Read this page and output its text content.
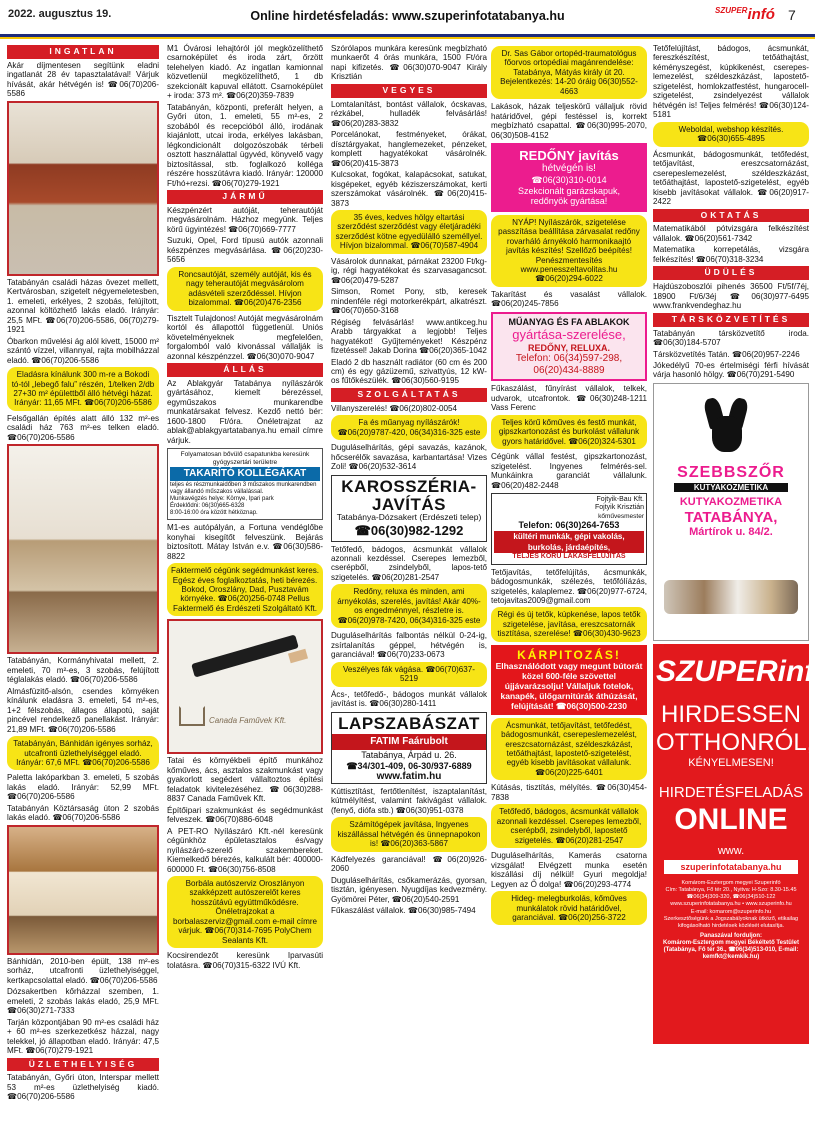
2022. augusztus 19.	Online hirdetésfeladás: www.szuperinfotatabanya.hu	SZUPERinfó 7
INGATLAN
Akár díjmentesen segítünk eladni ingatlanát 28 év tapasztalatával! Várjuk hívását, akár hétvégén is! ☎06(70)206-5586
Tatabányán családi házas övezet mellett, Kertvárosban, szigetelt négyemeletesben, 1. emeleti, erkélyes, 2 szobás, felújított, azonnal költözhető lakás eladó. Irányár: 25,5 MFt. ☎06(70)206-5586, 06(70)279-1921
Óbarkon művelési ág alól kivett, 15000 m² szántó vízzel, villannyal, rajta mobilházzal eladó. ☎06(70)206-5586
Eladásra kínálunk 300 m-re a Bokodi tó-tól „lebegő falu” részén, 1/telken 2/db 27+30 m² épülettből álló hétvégi házat. Irányár: 11,65 MFt. ☎06(70)206-5586
Felsőgallán építés alatt álló 132 m²-es családi ház 763 m²-es telken eladó. ☎06(70)206-5586
Tatabányán, Kormányhivatal mellett, 2. emeleti, 70 m²-es, 3 szobás, felújított téglalakás eladó. ☎06(70)206-5586
Almásfüzitő-alsón, csendes környéken kínálunk eladásra 3. emeleti, 54 m²-es, 1+2 félszobás, állagos állapotú, saját pincével rendelkező panellakást. Irányár: 21,89 MFt. ☎06(70)206-5586
Tatabányán, Bánhidán igényes sorház, utcafronti üzlethelyiséggel eladó. Irányár: 67,6 MFt. ☎06(70)206-5586
Paletta lakóparkban 3. emeleti, 5 szobás lakás eladó. Irányár: 52,99 MFt. ☎06(70)206-5586
Tatabányán Köztársaság úton 2 szobás lakás eladó. ☎06(70)206-5586
Bánhidán, 2010-ben épült, 138 m²-es sorház, utcafronti üzlethelyiséggel, kertkapcsolattal eladó. ☎06(70)206-5586
Dózsakertben kőrházzal szemben, 1. emeleti, 2 szobás lakás eladó, 25,9 MFt. ☎06(30)271-7333
Tarján központjában 90 m²-es családi ház + 60 m²-es szerkezetkész házzal, nagy telekkel, jó állapotban eladó. Irányár: 47,5 MFt. ☎06(70)279-1921
ÜZLETHELYISÉG
Tatabányán, Győri úton, Interspar mellett 53 m²-es üzlethelyiség kiadó. ☎06(70)206-5586
M1 Óvárosi lehajtóról jól megközelíthető csarnoképület és iroda zárt, őrzött telehelyen kiadó. Az ingatlan kamionnal közvetlenül megközelíthető, 1 db szekcionált kapuval ellátott. Csarnoképület + iroda: 373 m². ☎06(20)359-7839
Tatabányán, központi, preferált helyen, a Győri úton, 1. emeleti, 55 m²-es, 2 szobából és recepcióból álló, irodának kiajánlott, utcai iroda, erkélyes lakásban, légkondicionált dolgozószobák térbeli osztott használattal ügyvéd, könyvelő vagy biztosítással, stb. foglalkozó kolléga részére hosszútávra kiadó. Irányár: 120000 Ft/hó+rezsi. ☎06(70)279-1921
JÁRMŰ
Készpénzért autóját, teherautóját megvásárolnám. Házhoz megyünk. Teljes körű ügyintézés! ☎06(70)669-7777
Suzuki, Opel, Ford típusú autók azonnali készpénzes megvásárlása. ☎06(20)230-5656
Roncsautóját, személy autóját, kis és nagy teherautóját megvásárolom adásvételi szerződéssel. Hívjon bizalommal. ☎06(20)476-2356
Tisztelt Tulajdonos! Autóját megvásárolnám kortól és állapottól függetlenül. Uniós követelményeknek megfelelően, forgalomból való kivonással vállalják is azonnal készpénzzel. ☎06(30)070-9047
ÁLLÁS
Az Ablakgyár Tatabánya nyílászárók gyártásához, kiemelt bérezéssel, egyműszakos munkarendbe munkatársakat felvesz. Kezdő nettó bér: 1600-1800 Ft/óra. Önéletrajzat az ablak@ablakgyartatabanya.hu email címre várjuk.
Folyamatosan bővülő csapatunkba keresünk gyógyszertári területre
TAKARÍTÓ KOLLÉGÁKAT
teljes és részmunkaidőben 3 műszakos munkarendben vagy állandó műszakos vállalással.
Munkavégzés helye: Környe, Ipari park
Érdeklődni: 06(30)665-6328
8:00-16:00 óra között hétköznap.
M1-es autópályán, a Fortuna vendéglőbe konyhai kisegítőt felveszünk. Bejárás biztosított. Mátay István e.v. ☎06(30)586-8822
Faktermelő cégünk segédmunkást keres. Egész éves foglalkoztatás, heti bérezés. Bokod, Oroszlány, Dad, Pusztavám környéke. ☎06(20)256-0748 Pellus Faktermelő és Erdészeti Szolgáltató Kft.
Canada Faművek Kft.
Tatai és környékbeli építő munkához kőműves, ács, asztalos szakmunkást vagy gyakorlott segédert vállaltoztos építési feladatok kivitelezéséhez. ☎06(30)288-8837 Canada Faművek Kft.
Építőipari szakmunkást és segédmunkást felveszek. ☎06(70)886-6048
A PET-RO Nyílászáró Kft.-nél keresünk cégünkhöz épületasztalos és/vagy nyílászáró-szerelő szakembereket. Kiemelkedő bérezés, kalkulált bér: 400000-600000 Ft. ☎06(30)756-8508
Borbála autószerviz Oroszlányon szakképzett autószerelőt keres hosszútávú együttműködésre. Önéletrajzokat a borbalaszerviz@gmail.com e-mail címre várjuk. ☎06(70)314-7695 PolyChem Sealants Kft.
Kocsirendezőt keresünk Iparvasúti tolatásra. ☎06(70)315-6322 IVÚ Kft.
Szórólapos munkára keresünk megbízható munkaerőt 4 órás munkára, 1500 Ft/óra napi kifizetés. ☎06(30)070-9047 Király Krisztián
VEGYES
Lomtalanítást, bontást vállalok, ócskavas, rézkábel, hulladék felvásárlás! ☎06(20)283-3832
Porcelánokat, festményeket, órákat, dísztárgyakat, hanglemezeket, pénzeket, komplett hagyatékokat vásárolnék. ☎06(20)415-3873
Kulcsokat, fogókat, kalapácsokat, satukat, kisgépeket, egyéb kéziszerszámokat, kerti szerszámokat vásárolnék. ☎06(20)415-3873
35 éves, kedves hölgy eltartási szerződést szerződést vagy életjáradéki szerződést kötne egyedülálló személlyel. Hívjon bizalommal. ☎06(70)587-4904
Vásárolok dunnakat, párnákat 23200 Ft/kg-ig, régi hagyatékokat és szarvasagancsot. ☎06(20)479-5287
Simson, Romet Pony, stb, keresek mindenféle régi motorkerékpárt, alkatrészt. ☎06(70)650-3168
Régiség felvásárlás! www.antikceg.hu Arabb tárgyakkat a legjobb! Teljes hagyatékot! Gyűjteményeket! Készpénz fizetéssel! Jakab Dorina ☎06(20)365-1042
Eladó 2 db használt radiátor (60 cm és 200 cm) és egy gázüzemű, szivattyús, 12 kW-os fűtőkészülék. ☎06(30)560-9195
SZOLGÁLTATÁS
Villanyszerelés! ☎06(20)802-0054
Fa és műanyag nyílászárók! ☎06(20)9787-420, 06(34)316-325 este
Duguláselhárítás, gépi savazás, kazánok, hőcserélők savazása, karbantartása! Vizes Zoli! ☎06(20)532-3614
KAROSSZÉRIA-
JAVÍTÁS
Tatabánya-Dózsakert (Erdészeti telep)
☎06(30)982-1292
Tetőfedő, bádogos, ácsmunkát vállalok azonnali kezdéssel. Cserepes lemezből, cserépből, zsindelyből, lapos-tető szigetelés. ☎06(20)281-2547
Redőny, reluxa és minden, ami árnyékolás, szerelés, javítás! Akár 40%-os engedménnyel, részletre is. ☎06(20)978-7420, 06(34)316-325 este
Duguláselhárítás falbontás nélkül 0-24-ig, zsírtalanítás géppel, hétvégén is, garanciával! ☎06(70)233-0673
Veszélyes fák vágása. ☎06(70)637-5219
Ács-, tetőfedő-, bádogos munkát vállalok javítást is. ☎06(30)280-1411
LAPSZABÁSZAT
FATIM Faárubolt
Tatabánya, Árpád u. 26.
☎34/301-409, 06-30/937-6889
www.fatim.hu
Kúttisztítást, fertőtlenítést, iszaptalanítást, kútmélyítést, valamint fakivágást vállalok. (fenyő, diófa stb.) ☎06(30)951-0378
Számítógépek javítása, Ingyenes kiszállással hétvégén és ünnepnapokon is! ☎06(20)363-5867
Kádfelyezés garanciával! ☎06(20)926-2060
Duguláselhárítás, csőkamerázás, gyorsan, tisztán, igényesen. Nyugdíjas kedvezmény. Gyömörei Péter, ☎06(20)540-2591
Fűkaszálást vállalok. ☎06(30)985-7494
Dr. Sas Gábor ortopéd-traumatológus főorvos ortopédiai magánrendelése: Tatabánya, Mátyás király út 20. Bejelentkezés: 14-20 óráig 06(30)552-4663
Lakások, házak teljeskörű vállaljuk rövid határidővel, gépi festéssel is, korrekt megbízható csapattal. ☎06(30)995-2070, 06(30)508-4152
REDŐNY javítás
hétvégén is!
☎06(30)310-0014
Szekcionált garázskapuk,
redőnyök gyártása!
NYÁP! Nyílászárók, szigetelése passzítása beállítása zárvasalat redőny rovarháló árnyékoló harmonikaajtó javítás készítés! Szellőző beépítés! Penészmentesítés www.penesszeltavolitas.hu ☎06(20)294-6022
Takarítást és vasalást vállalok. ☎06(20)245-7856
MŰANYAG ÉS FA ABLAKOK
gyártása-szerelése,
REDŐNY, RELUXA.
Telefon: 06(34)597-298,
06(20)434-8889
Fűkaszálást, fűnyírást vállalok, telkek, udvarok, utcafrontok. ☎06(30)248-1211 Vass Ferenc
Teljes körű kőműves és festő munkát, gipszkartonozást és burkolást vállalunk gyors határidővel. ☎06(20)324-5301
Cégünk vállal festést, gipszkartonozást, szigetelést. Ingyenes felmérés-sel. Munkáinkra garanciát vállalunk. ☎06(20)482-2448
Fojtyik-Bau Kft.
Fojtyik Krisztián
kőművesmester
Telefon: 06(30)264-7653
kültéri munkák, gépi vakolás,
burkolás, járdaépítés,
TELJES KÖRŰ LAKÁSFELÚJÍTÁS
Tetőjavítás, tetőfelújítás, ácsmunkák, bádogosmunkák, szélezés, tetőfólíázás, szigetelés, kalaplemez. ☎06(20)977-6724, tetojavitas2009@gmail.com
Régi és új tetők, kúpkenése, lapos tetők szigetelése, javítása, ereszcsatornák tisztítása, szerelése! ☎06(30)430-9623
KÁRPITOZÁS!
Elhasználódott vagy megunt bútorát közel 600-féle szövettel újjávarázsolju! Vállaljuk fotelok, kanapék, ülőgarnitúrák áthúzását, felújítását! ☎06(30)500-2230
Ácsmunkát, tetőjavítást, tetőfedést, bádogosmunkát, cserepeslemezelést, ereszcsatornázást, széldeszkázást, tetőáthajtást, lapostető-szigetelést, egyéb kisebb javításokat vállalunk. ☎06(20)225-6401
Kútásás, tisztítás, mélyítés. ☎06(30)454-7838
Tetőfedő, bádogos, ácsmunkát vállalok azonnali kezdéssel. Cserepes lemezből, cserépből, zsindelyből, lapostető szigetelés. ☎06(20)281-2547
Duguláselhárítás, Kamerás csatorna vizsgálat! Elvégzett munka esetén kiszállási díj nélkül! Gyuri megoldja! Legyen az Ő dolga! ☎06(20)293-4774
Hideg- melegburkolás, kőműves munkálatok rövid határidővel, garanciával. ☎06(20)256-3722
Tetőfelújítást, bádogos, ácsmunkát, fereszkészítést, tetőáthajtást, kéményszegést, kúpkikenést, cserepes-lemezelést, széldeszkázást, lapostető-szigetelést, homlokzatfestést, hungarocell-szigetelést, zsindelyezést vállalok hétvégén is! Teljes felmérés! ☎06(30)124-5181
Weboldal, webshop készítés. ☎06(30)655-4895
Ácsmunkát, bádogosmunkát, tetőfedést, tetőjavítást, ereszcsatornázást, cserepeslemezelést, széldeszkázást, tetőáthajtást, lapostető-szigetelést, egyéb kisebb javításokat vállalok. ☎06(20)917-2422
OKTATÁS
Matematikából pótvizsgára felkészítést vállalok. ☎06(20)561-7342
Matematika korrepetálás, vizsgára felkészítés! ☎06(70)318-3234
ÜDÜLÉS
Hajdúszoboszlói pihenés 36500 Ft/5f/7éj, 18900 Ft/6/3éj ☎06(30)977-6495 www.frankvendeghaz.hu
TÁRSKÖZVETÍTÉS
Tatabányán társközvetítő iroda. ☎06(30)184-5707
Társközvetítés Tatán. ☎06(20)957-2246
Jókedélyű 70-es értelmiségi férfi hívását várja hasonló hölgy. ☎06(70)291-5490
SZEBBSZŐR
KUTYAKOZMETIKA
KUTYAKOZMETIKA
TATABÁNYA,
Mártírok u. 84/2.
SZUPERinfó
HIRDESSEN
OTTHONRÓL,
KÉNYELMESEN!
HIRDETÉSFELADÁS
ONLINE
www.
szuperinfotatabanya.hu
Komárom-Esztergom megyei Szuperinfó
Cím: Tatabánya, Fő tér 20., Nyitva: H-Szo: 8.30-15.45 ☎06(34)309-320, ☎06(34)510-122
www.szuperinfotatabanya.hu • www.szuperinfo.hu
E-mail: komarom@szuperinfo.hu
Szerkesztőségünk a Jogszabályoknak ütköző, etikailag kifogásolható hirdetések közlését elutasítja.
Panaszával forduljon:
Komárom-Esztergom megyei Békéltető Testület
(Tatabánya, Fő tér 36., ☎06(34)513-010, E-mail: kemfkt@kemkik.hu)
